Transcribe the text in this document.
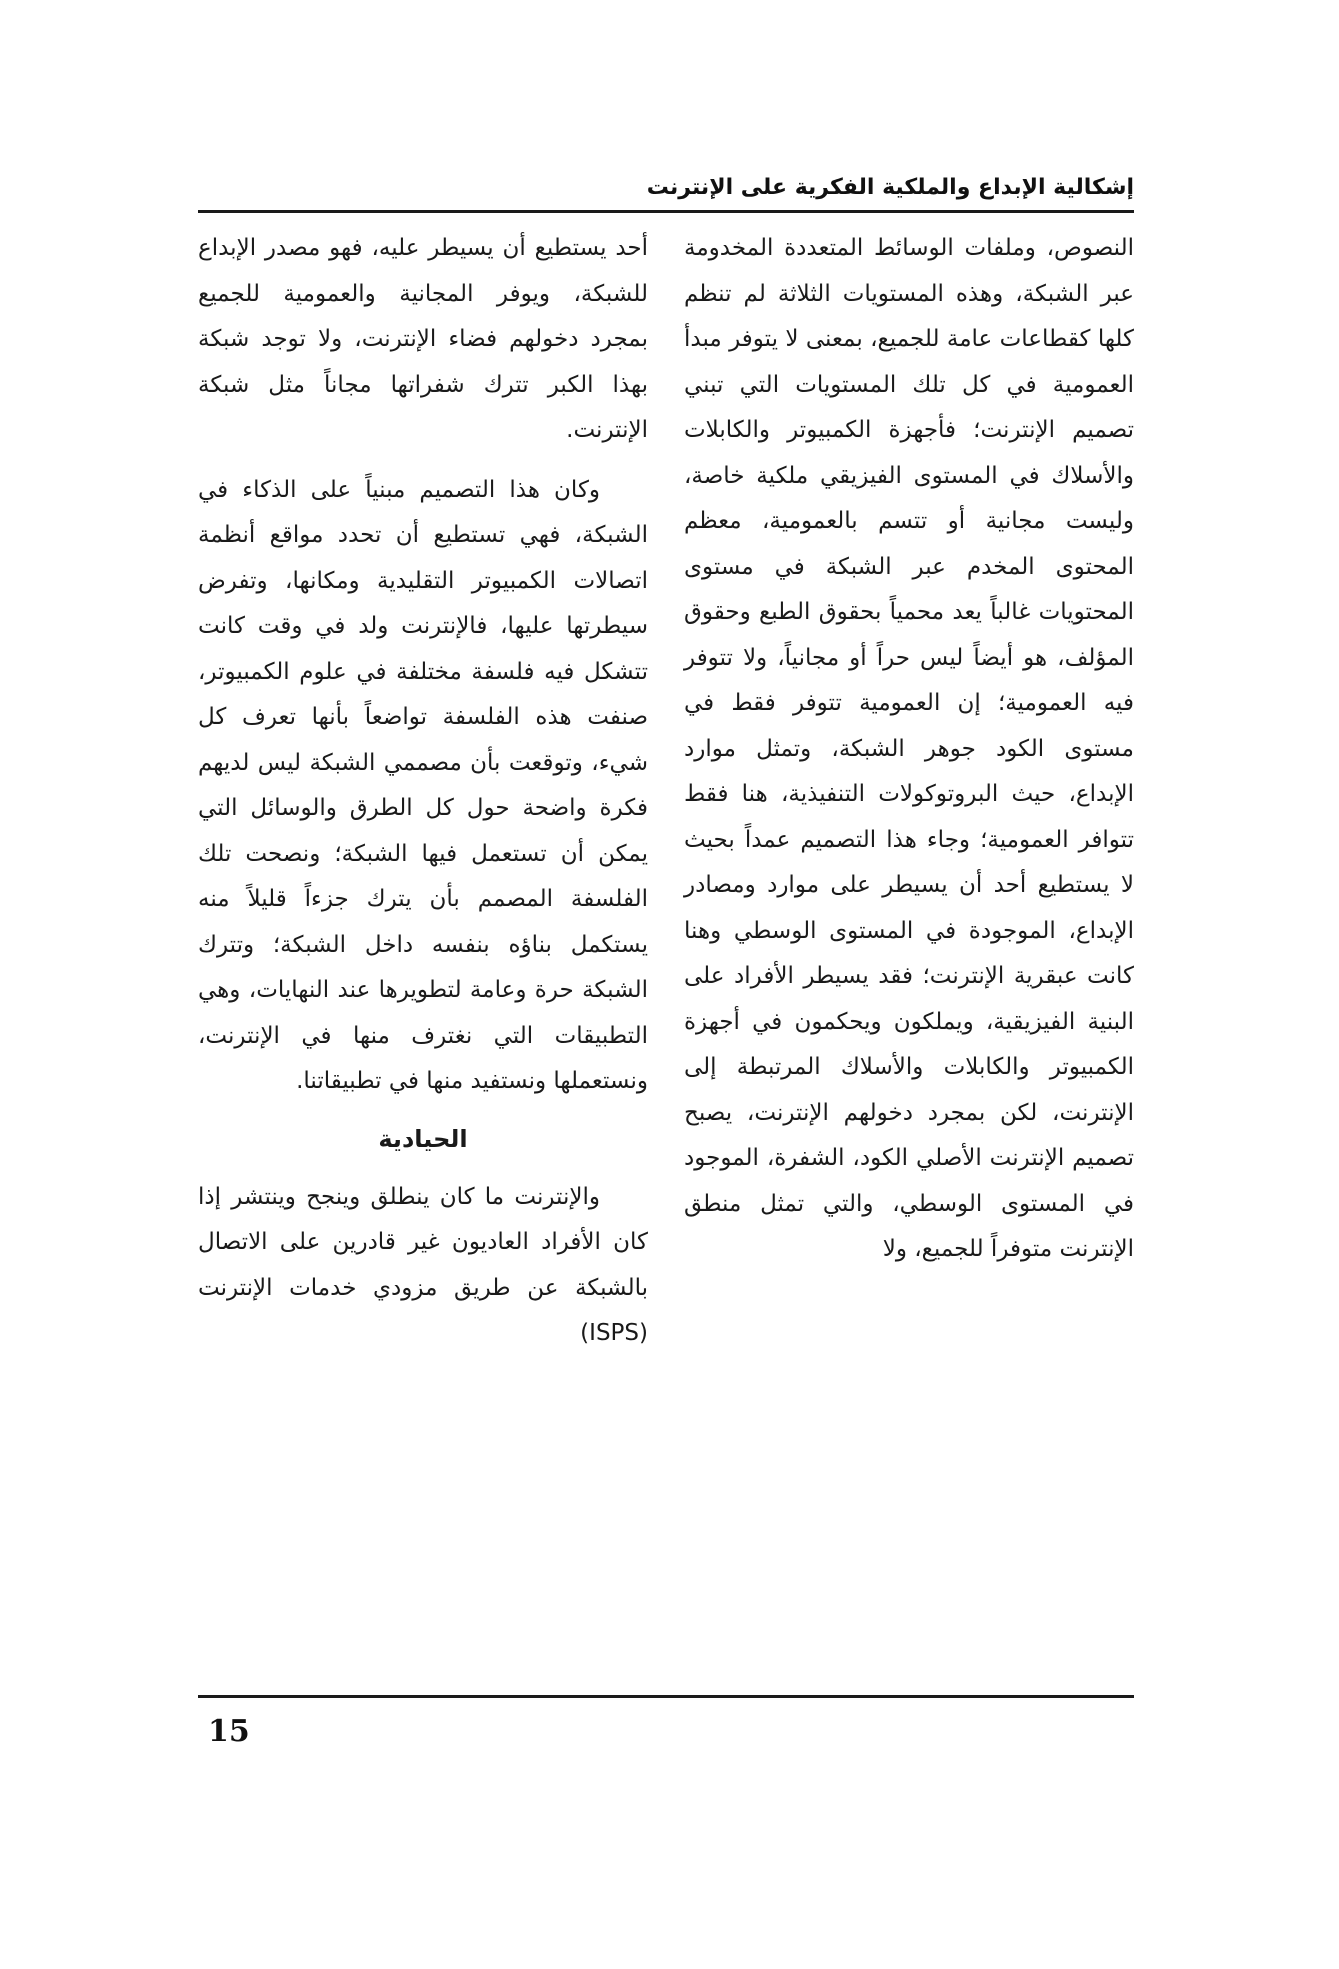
إشكالية الإبداع والملكية الفكرية على الإنترنت

النصوص، وملفات الوسائط المتعددة المخدومة عبر الشبكة، وهذه المستويات الثلاثة لم تنظم كلها كقطاعات عامة للجميع، بمعنى لا يتوفر مبدأ العمومية في كل تلك المستويات التي تبني تصميم الإنترنت؛ فأجهزة الكمبيوتر والكابلات والأسلاك في المستوى الفيزيقي ملكية خاصة، وليست مجانية أو تتسم بالعمومية، معظم المحتوى المخدم عبر الشبكة في مستوى المحتويات غالباً يعد محمياً بحقوق الطبع وحقوق المؤلف، هو أيضاً ليس حراً أو مجانياً، ولا تتوفر فيه العمومية؛ إن العمومية تتوفر فقط في مستوى الكود جوهر الشبكة، وتمثل موارد الإبداع، حيث البروتوكولات التنفيذية، هنا فقط تتوافر العمومية؛ وجاء هذا التصميم عمداً بحيث لا يستطيع أحد أن يسيطر على موارد ومصادر الإبداع، الموجودة في المستوى الوسطي وهنا كانت عبقرية الإنترنت؛ فقد يسيطر الأفراد على البنية الفيزيقية، ويملكون ويحكمون في أجهزة الكمبيوتر والكابلات والأسلاك المرتبطة إلى الإنترنت، لكن بمجرد دخولهم الإنترنت، يصبح تصميم الإنترنت الأصلي الكود، الشفرة، الموجود في المستوى الوسطي، والتي تمثل منطق الإنترنت متوفراً للجميع، ولا

أحد يستطيع أن يسيطر عليه، فهو مصدر الإبداع للشبكة، ويوفر المجانية والعمومية للجميع بمجرد دخولهم فضاء الإنترنت، ولا توجد شبكة بهذا الكبر تترك شفراتها مجاناً مثل شبكة الإنترنت.

وكان هذا التصميم مبنياً على الذكاء في الشبكة، فهي تستطيع أن تحدد مواقع أنظمة اتصالات الكمبيوتر التقليدية ومكانها، وتفرض سيطرتها عليها، فالإنترنت ولد في وقت كانت تتشكل فيه فلسفة مختلفة في علوم الكمبيوتر، صنفت هذه الفلسفة تواضعاً بأنها تعرف كل شيء، وتوقعت بأن مصممي الشبكة ليس لديهم فكرة واضحة حول كل الطرق والوسائل التي يمكن أن تستعمل فيها الشبكة؛ ونصحت تلك الفلسفة المصمم بأن يترك جزءاً قليلاً منه يستكمل بناؤه بنفسه داخل الشبكة؛ وتترك الشبكة حرة وعامة لتطويرها عند النهايات، وهي التطبيقات التي نغترف منها في الإنترنت، ونستعملها ونستفيد منها في تطبيقاتنا.

الحيادية

والإنترنت ما كان ينطلق وينجح وينتشر إذا كان الأفراد العاديون غير قادرين على الاتصال بالشبكة عن طريق مزودي خدمات الإنترنت (ISPS)

15
